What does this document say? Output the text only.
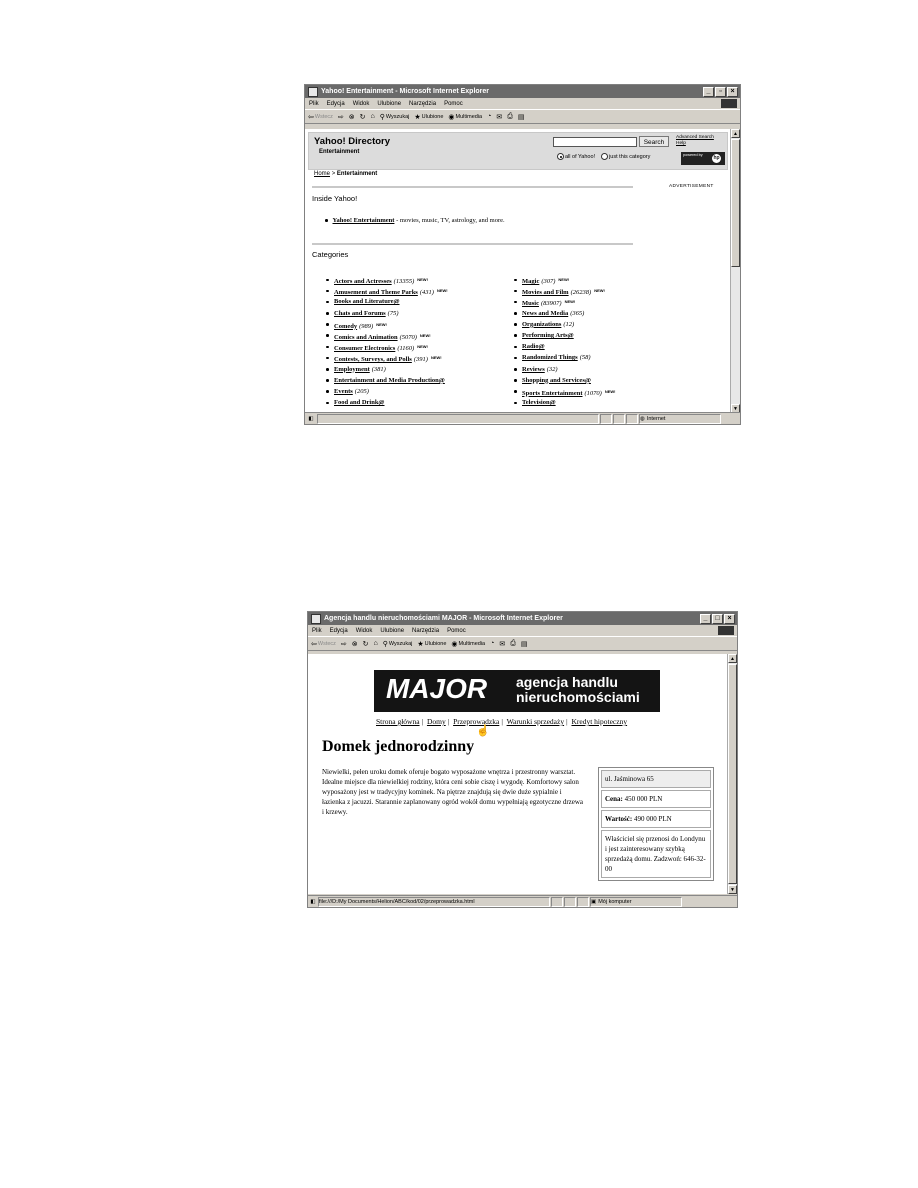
Yahoo! Entertainment - Microsoft Internet Explorer	_	▫	×
Plik Edycja Widok Ulubione Narzędzia Pomoc
⇦ Wstecz ⇨ ⊗ ↻ ⌂ ⚲ Wyszukaj ★ Ulubione ◉ Multimedia ◔ ✉ ⎙ ▤
Yahoo! Directory
Entertainment
Search
Advanced Search
Help
all of Yahoo!	just this category	powered by hp
Home > Entertainment
ADVERTISEMENT
Inside Yahoo!
Yahoo! Entertainment - movies, music, TV, astrology, and more.
Categories
Actors and Actresses (13355) $^{NEW!}$
Amusement and Theme Parks (431) $^{NEW!}$
Books and Literature@
Chats and Forums (75)
Comedy (989) $^{NEW!}$
Comics and Animation (5070) $^{NEW!}$
Consumer Electronics (1160) $^{NEW!}$
Contests, Surveys, and Polls (391) $^{NEW!}$
Employment (381)
Entertainment and Media Production@
Events (205)
Food and Drink@
Magic (307) $^{NEW!}$
Movies and Film (26238) $^{NEW!}$
Music (83907) $^{NEW!}$
News and Media (365)
Organizations (12)
Performing Arts@
Radio@
Randomized Things (58)
Reviews (32)
Shopping and Services@
Sports Entertainment (1070) $^{NEW!}$
Television@
▲
▼
◧	◍ Internet
Agencja handlu nieruchomościami MAJOR - Microsoft Internet Explorer	_	□	×
Plik Edycja Widok Ulubione Narzędzia Pomoc
⇦ Wstecz ⇨ ⊗ ↻ ⌂ ⚲ Wyszukaj ★ Ulubione ◉ Multimedia ◔ ✉ ⎙ ▤
MAJOR agencja handlu
nieruchomościami
Strona główna | Domy | Przeprowadzka | Warunki sprzedaży | Kredyt hipoteczny
☝
Domek jednorodzinny
Niewielki, pełen uroku domek oferuje bogato wyposażone wnętrza i przestronny warsztat. Idealne miejsce dla niewielkiej rodziny, która ceni sobie ciszę i wygodę. Komfortowy salon wyposażony jest w tradycyjny kominek. Na piętrze znajdują się dwie duże sypialnie i łazienka z jacuzzi. Starannie zaplanowany ogród wokół domu wypełniają egzotyczne drzewa i krzewy.
ul. Jaśminowa 65
Cena: 450 000 PLN
Wartość: 490 000 PLN
Właściciel się przenosi do Londynu i jest zainteresowany szybką sprzedażą domu. Zadzwoń: 646-32-00
▲
▼
◧ file:///D:/My Documents/Helion/ABC/kod/02/przeprowadzka.html	▣ Mój komputer
